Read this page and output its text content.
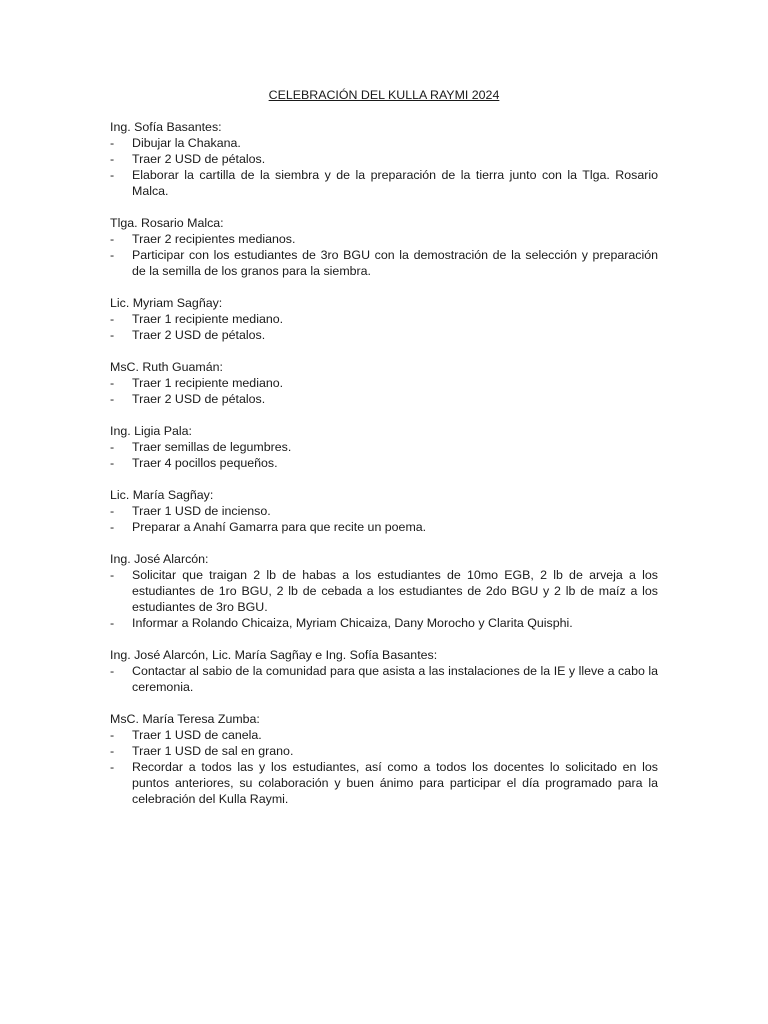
CELEBRACIÓN DEL KULLA RAYMI 2024
Ing. Sofía Basantes:
- Dibujar la Chakana.
- Traer 2 USD de pétalos.
- Elaborar la cartilla de la siembra y de la preparación de la tierra junto con la Tlga. Rosario Malca.
Tlga. Rosario Malca:
- Traer 2 recipientes medianos.
- Participar con los estudiantes de 3ro BGU con la demostración de la selección y preparación de la semilla de los granos para la siembra.
Lic. Myriam Sagñay:
- Traer 1 recipiente mediano.
- Traer 2 USD de pétalos.
MsC. Ruth Guamán:
- Traer 1 recipiente mediano.
- Traer 2 USD de pétalos.
Ing. Ligia Pala:
- Traer semillas de legumbres.
- Traer 4 pocillos pequeños.
Lic. María Sagñay:
- Traer 1 USD de incienso.
- Preparar a Anahí Gamarra para que recite un poema.
Ing. José Alarcón:
- Solicitar que traigan 2 lb de habas a los estudiantes de 10mo EGB, 2 lb de arveja a los estudiantes de 1ro BGU, 2 lb de cebada a los estudiantes de 2do BGU y 2 lb de maíz a los estudiantes de 3ro BGU.
- Informar a Rolando Chicaiza, Myriam Chicaiza, Dany Morocho y Clarita Quisphi.
Ing. José Alarcón, Lic. María Sagñay e Ing. Sofía Basantes:
- Contactar al sabio de la comunidad para que asista a las instalaciones de la IE y lleve a cabo la ceremonia.
MsC. María Teresa Zumba:
- Traer 1 USD de canela.
- Traer 1 USD de sal en grano.
- Recordar a todos las y los estudiantes, así como a todos los docentes lo solicitado en los puntos anteriores, su colaboración y buen ánimo para participar el día programado para la celebración del Kulla Raymi.
